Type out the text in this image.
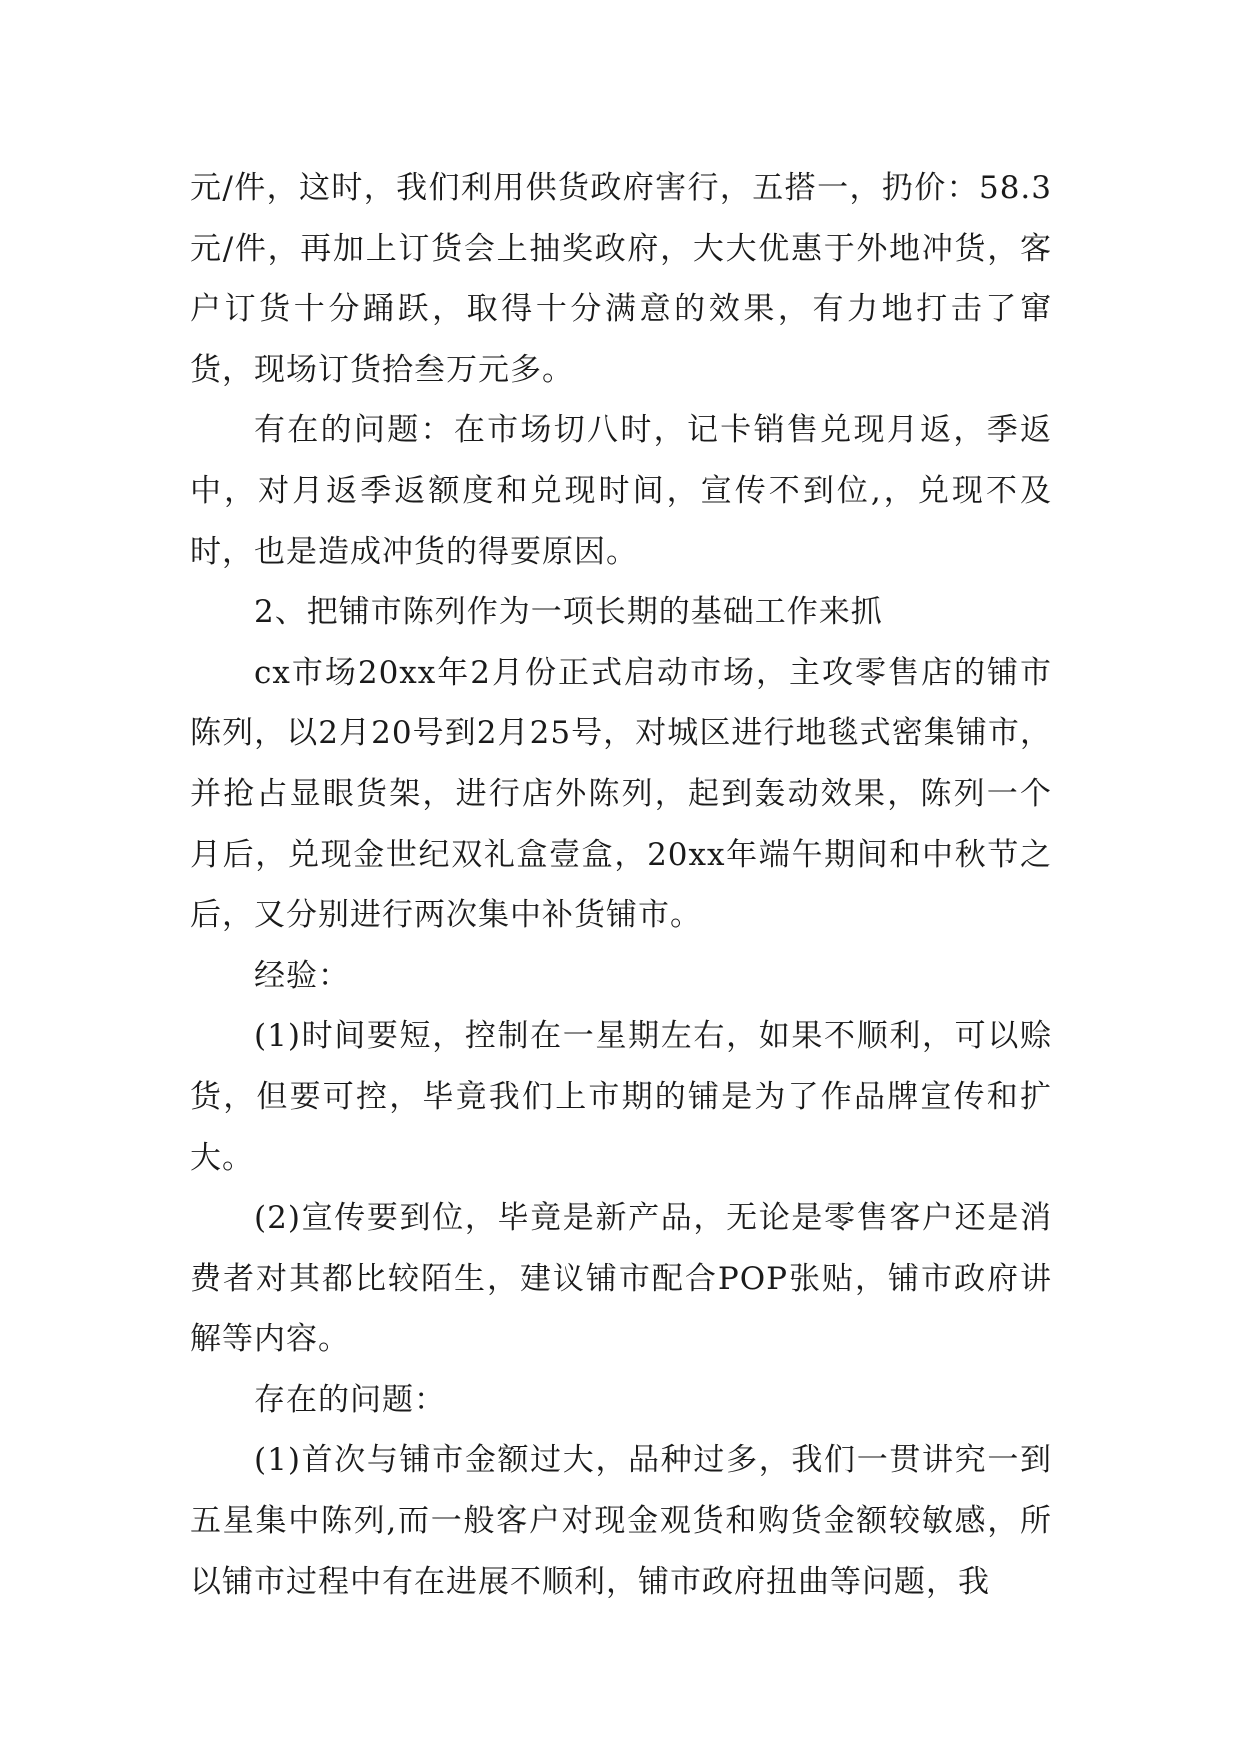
元/件，这时，我们利用供货政府害行，五搭一，扔价：58.3元/件，再加上订货会上抽奖政府，大大优惠于外地冲货，客户订货十分踊跃，取得十分满意的效果，有力地打击了窜货，现场订货拾叁万元多。

有在的问题：在市场切八时，记卡销售兑现月返，季返中，对月返季返额度和兑现时间，宣传不到位,，兑现不及时，也是造成冲货的得要原因。

2、把铺市陈列作为一项长期的基础工作来抓

cx市场20xx年2月份正式启动市场，主攻零售店的铺市陈列，以2月20号到2月25号，对城区进行地毯式密集铺市，并抢占显眼货架，进行店外陈列，起到轰动效果，陈列一个月后，兑现金世纪双礼盒壹盒，20xx年端午期间和中秋节之后，又分别进行两次集中补货铺市。

经验：

(1)时间要短，控制在一星期左右，如果不顺利，可以赊货，但要可控，毕竟我们上市期的铺是为了作品牌宣传和扩大。

(2)宣传要到位，毕竟是新产品，无论是零售客户还是消费者对其都比较陌生，建议铺市配合POP张贴，铺市政府讲解等内容。

存在的问题：

(1)首次与铺市金额过大，品种过多，我们一贯讲究一到五星集中陈列,而一般客户对现金观货和购货金额较敏感，所以铺市过程中有在进展不顺利，铺市政府扭曲等问题，我
